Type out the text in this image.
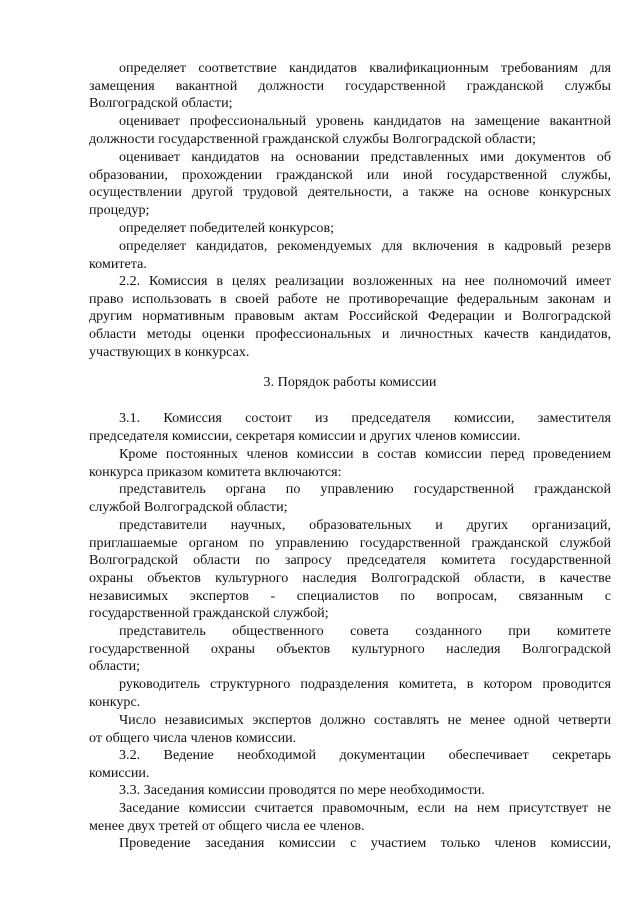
определяет соответствие кандидатов квалификационным требованиям для
замещения вакантной должности государственной гражданской службы
Волгоградской области;
оценивает профессиональный уровень кандидатов на замещение вакантной
должности государственной гражданской службы Волгоградской области;
оценивает кандидатов на основании представленных ими документов об
образовании, прохождении гражданской или иной государственной службы,
осуществлении другой трудовой деятельности, а также на основе конкурсных
процедур;
определяет победителей конкурсов;
определяет кандидатов, рекомендуемых для включения в кадровый резерв
комитета.
2.2. Комиссия в целях реализации возложенных на нее полномочий имеет
право использовать в своей работе не противоречащие федеральным законам и
другим нормативным правовым актам Российской Федерации и Волгоградской
области методы оценки профессиональных и личностных качеств кандидатов,
участвующих в конкурсах.
3. Порядок работы комиссии
3.1. Комиссия состоит из председателя комиссии, заместителя
председателя комиссии, секретаря комиссии и других членов комиссии.
Кроме постоянных членов комиссии в состав комиссии перед проведением
конкурса приказом комитета включаются:
представитель органа по управлению государственной гражданской
службой Волгоградской области;
представители научных, образовательных и других организаций,
приглашаемые органом по управлению государственной гражданской службой
Волгоградской области по запросу председателя комитета государственной
охраны объектов культурного наследия Волгоградской области, в качестве
независимых экспертов - специалистов по вопросам, связанным с
государственной гражданской службой;
представитель общественного совета созданного при комитете
государственной охраны объектов культурного наследия Волгоградской
области;
руководитель структурного подразделения комитета, в котором проводится
конкурс.
Число независимых экспертов должно составлять не менее одной четверти
от общего числа членов комиссии.
3.2. Ведение необходимой документации обеспечивает секретарь
комиссии.
3.3. Заседания комиссии проводятся по мере необходимости.
Заседание комиссии считается правомочным, если на нем присутствует не
менее двух третей от общего числа ее членов.
Проведение заседания комиссии с участием только членов комиссии,
